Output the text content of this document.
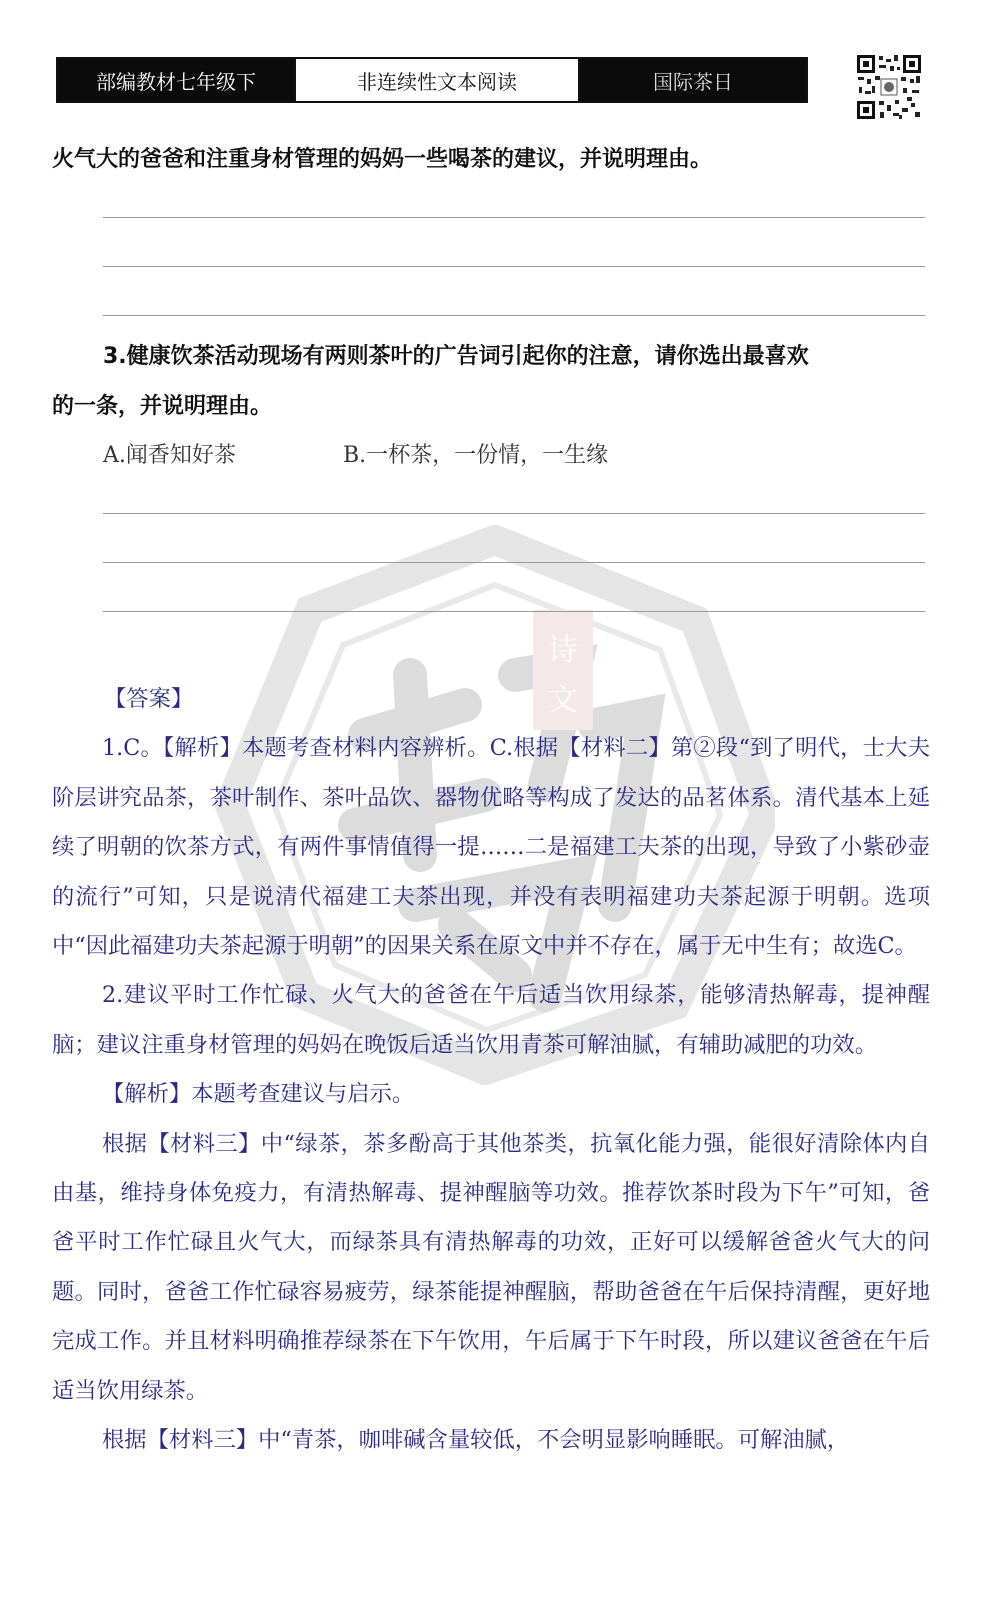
部编教材七年级下	非连续性文本阅读	国际茶日
诗
文
火气大的爸爸和注重身材管理的妈妈一些喝茶的建议，并说明理由。
3.健康饮茶活动现场有两则茶叶的广告词引起你的注意，请你选出最喜欢
的一条，并说明理由。
A.闻香知好茶	B.一杯茶，一份情，一生缘

【答案】

1.C。【解析】本题考查材料内容辨析。C.根据【材料二】第②段“到了明代，士大夫阶层讲究品茶，茶叶制作、茶叶品饮、器物优略等构成了发达的品茗体系。清代基本上延续了明朝的饮茶方式，有两件事情值得一提……二是福建工夫茶的出现，导致了小紫砂壶的流行”可知，只是说清代福建工夫茶出现，并没有表明福建功夫茶起源于明朝。选项中“因此福建功夫茶起源于明朝”的因果关系在原文中并不存在，属于无中生有；故选C。

2.建议平时工作忙碌、火气大的爸爸在午后适当饮用绿茶，能够清热解毒，提神醒脑；建议注重身材管理的妈妈在晚饭后适当饮用青茶可解油腻，有辅助减肥的功效。

【解析】本题考查建议与启示。

根据【材料三】中“绿茶，茶多酚高于其他茶类，抗氧化能力强，能很好清除体内自由基，维持身体免疫力，有清热解毒、提神醒脑等功效。推荐饮茶时段为下午”可知，爸爸平时工作忙碌且火气大，而绿茶具有清热解毒的功效，正好可以缓解爸爸火气大的问题。同时，爸爸工作忙碌容易疲劳，绿茶能提神醒脑，帮助爸爸在午后保持清醒，更好地完成工作。并且材料明确推荐绿茶在下午饮用，午后属于下午时段，所以建议爸爸在午后适当饮用绿茶。

根据【材料三】中“青茶，咖啡碱含量较低，不会明显影响睡眠。可解油腻，
